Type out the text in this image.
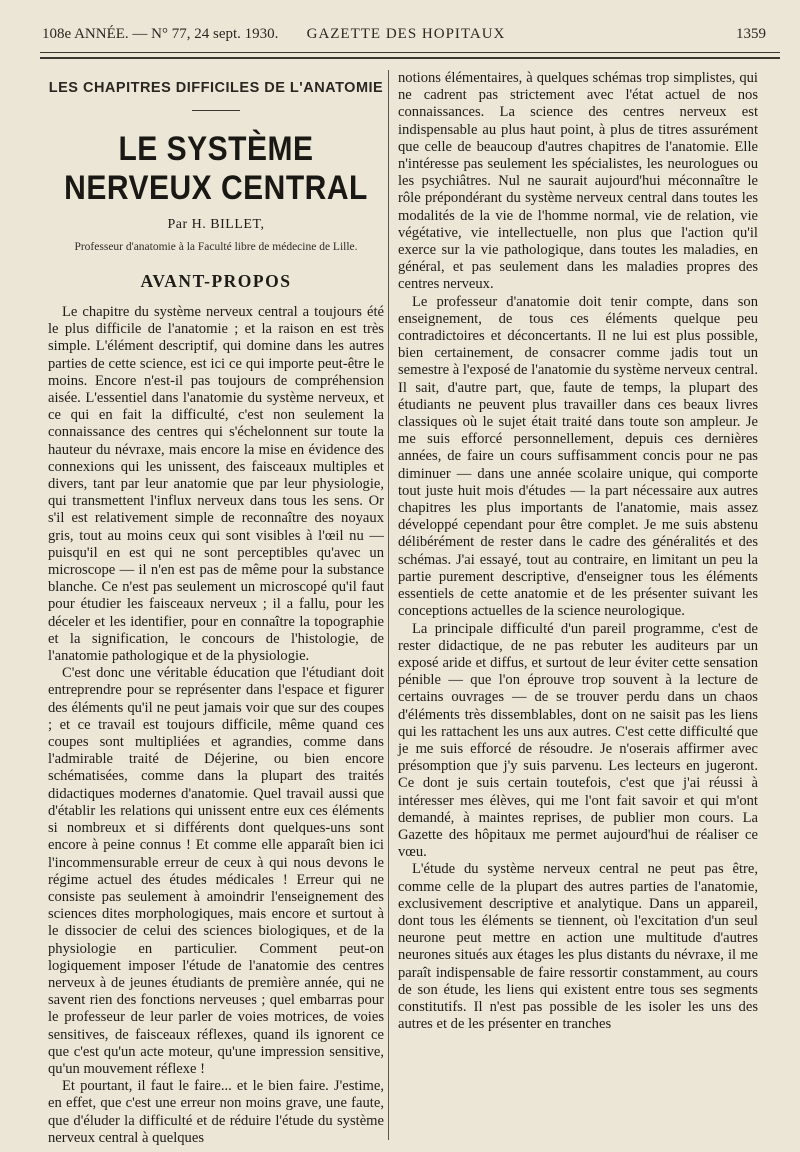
108e ANNÉE. — N° 77, 24 sept. 1930.	GAZETTE DES HOPITAUX	1359
LES CHAPITRES DIFFICILES DE L'ANATOMIE
LE SYSTÈME NERVEUX CENTRAL
Par H. BILLET,
Professeur d'anatomie à la Faculté libre de médecine de Lille.
AVANT-PROPOS

Le chapitre du système nerveux central a toujours été le plus difficile de l'anatomie ; et la raison en est très simple. L'élément descriptif, qui domine dans les autres parties de cette science, est ici ce qui importe peut-être le moins. Encore n'est-il pas toujours de compréhension aisée. L'essentiel dans l'anatomie du système nerveux, et ce qui en fait la difficulté, c'est non seulement la connaissance des centres qui s'échelonnent sur toute la hauteur du névraxe, mais encore la mise en évidence des connexions qui les unissent, des faisceaux multiples et divers, tant par leur anatomie que par leur physiologie, qui transmettent l'influx nerveux dans tous les sens. Or s'il est relativement simple de reconnaître des noyaux gris, tout au moins ceux qui sont visibles à l'œil nu — puisqu'il en est qui ne sont perceptibles qu'avec un microscope — il n'en est pas de même pour la substance blanche. Ce n'est pas seulement un microscopé qu'il faut pour étudier les faisceaux nerveux ; il a fallu, pour les déceler et les identifier, pour en connaître la topographie et la signification, le concours de l'histologie, de l'anatomie pathologique et de la physiologie.

C'est donc une véritable éducation que l'étudiant doit entreprendre pour se représenter dans l'espace et figurer des éléments qu'il ne peut jamais voir que sur des coupes ; et ce travail est toujours difficile, même quand ces coupes sont multipliées et agrandies, comme dans l'admirable traité de Déjerine, ou bien encore schématisées, comme dans la plupart des traités didactiques modernes d'anatomie. Quel travail aussi que d'établir les relations qui unissent entre eux ces éléments si nombreux et si différents dont quelques-uns sont encore à peine connus ! Et comme elle apparaît bien ici l'incommensurable erreur de ceux à qui nous devons le régime actuel des études médicales ! Erreur qui ne consiste pas seulement à amoindrir l'enseignement des sciences dites morphologiques, mais encore et surtout à le dissocier de celui des sciences biologiques, et de la physiologie en particulier. Comment peut-on logiquement imposer l'étude de l'anatomie des centres nerveux à de jeunes étudiants de première année, qui ne savent rien des fonctions nerveuses ; quel embarras pour le professeur de leur parler de voies motrices, de voies sensitives, de faisceaux réflexes, quand ils ignorent ce que c'est qu'un acte moteur, qu'une impression sensitive, qu'un mouvement réflexe !

Et pourtant, il faut le faire... et le bien faire. J'estime, en effet, que c'est une erreur non moins grave, une faute, que d'éluder la difficulté et de réduire l'étude du système nerveux central à quelques

notions élémentaires, à quelques schémas trop simplistes, qui ne cadrent pas strictement avec l'état actuel de nos connaissances. La science des centres nerveux est indispensable au plus haut point, à plus de titres assurément que celle de beaucoup d'autres chapitres de l'anatomie. Elle n'intéresse pas seulement les spécialistes, les neurologues ou les psychiâtres. Nul ne saurait aujourd'hui méconnaître le rôle prépondérant du système nerveux central dans toutes les modalités de la vie de l'homme normal, vie de relation, vie végétative, vie intellectuelle, non plus que l'action qu'il exerce sur la vie pathologique, dans toutes les maladies, en général, et pas seulement dans les maladies propres des centres nerveux.

Le professeur d'anatomie doit tenir compte, dans son enseignement, de tous ces éléments quelque peu contradictoires et déconcertants. Il ne lui est plus possible, bien certainement, de consacrer comme jadis tout un semestre à l'exposé de l'anatomie du système nerveux central. Il sait, d'autre part, que, faute de temps, la plupart des étudiants ne peuvent plus travailler dans ces beaux livres classiques où le sujet était traité dans toute son ampleur. Je me suis efforcé personnellement, depuis ces dernières années, de faire un cours suffisamment concis pour ne pas diminuer — dans une année scolaire unique, qui comporte tout juste huit mois d'études — la part nécessaire aux autres chapitres les plus importants de l'anatomie, mais assez développé cependant pour être complet. Je me suis abstenu délibérément de rester dans le cadre des généralités et des schémas. J'ai essayé, tout au contraire, en limitant un peu la partie purement descriptive, d'enseigner tous les éléments essentiels de cette anatomie et de les présenter suivant les conceptions actuelles de la science neurologique.

La principale difficulté d'un pareil programme, c'est de rester didactique, de ne pas rebuter les auditeurs par un exposé aride et diffus, et surtout de leur éviter cette sensation pénible — que l'on éprouve trop souvent à la lecture de certains ouvrages — de se trouver perdu dans un chaos d'éléments très dissemblables, dont on ne saisit pas les liens qui les rattachent les uns aux autres. C'est cette difficulté que je me suis efforcé de résoudre. Je n'oserais affirmer avec présomption que j'y suis parvenu. Les lecteurs en jugeront. Ce dont je suis certain toutefois, c'est que j'ai réussi à intéresser mes élèves, qui me l'ont fait savoir et qui m'ont demandé, à maintes reprises, de publier mon cours. La Gazette des hôpitaux me permet aujourd'hui de réaliser ce vœu.

L'étude du système nerveux central ne peut pas être, comme celle de la plupart des autres parties de l'anatomie, exclusivement descriptive et analytique. Dans un appareil, dont tous les éléments se tiennent, où l'excitation d'un seul neurone peut mettre en action une multitude d'autres neurones situés aux étages les plus distants du névraxe, il me paraît indispensable de faire ressortir constamment, au cours de son étude, les liens qui existent entre tous ses segments constitutifs. Il n'est pas possible de les isoler les uns des autres et de les présenter en tranches
